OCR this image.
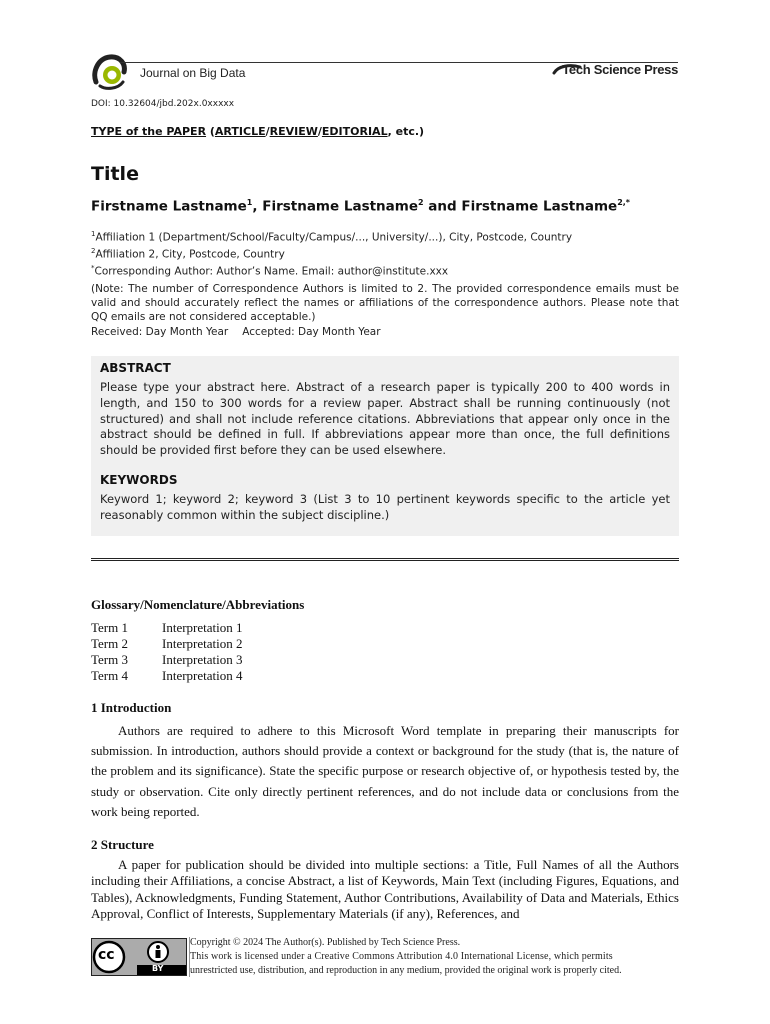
Journal on Big Data	Tech Science Press
DOI: 10.32604/jbd.202x.0xxxxx
TYPE of the PAPER (ARTICLE/REVIEW/EDITORIAL, etc.)
Title
Firstname Lastname$^1$, Firstname Lastname$^2$ and Firstname Lastname$^{2,*}$
$^1$Affiliation 1 (Department/School/Faculty/Campus/..., University/...), City, Postcode, Country
$^2$Affiliation 2, City, Postcode, Country
*Corresponding Author: Author’s Name. Email: author@institute.xxx
(Note: The number of Correspondence Authors is limited to 2. The provided correspondence emails must be valid and should accurately reflect the names or affiliations of the correspondence authors. Please note that QQ emails are not considered acceptable.)
Received: Day Month Year Accepted: Day Month Year
ABSTRACT
Please type your abstract here. Abstract of a research paper is typically 200 to 400 words in length, and 150 to 300 words for a review paper. Abstract shall be running continuously (not structured) and shall not include reference citations. Abbreviations that appear only once in the abstract should be defined in full. If abbreviations appear more than once, the full definitions should be provided first before they can be used elsewhere.
KEYWORDS
Keyword 1; keyword 2; keyword 3 (List 3 to 10 pertinent keywords specific to the article yet reasonably common within the subject discipline.)
Glossary/Nomenclature/Abbreviations
Term 1	Interpretation 1
Term 2	Interpretation 2
Term 3	Interpretation 3
Term 4	Interpretation 4
1 Introduction
Authors are required to adhere to this Microsoft Word template in preparing their manuscripts for submission. In introduction, authors should provide a context or background for the study (that is, the nature of the problem and its significance). State the specific purpose or research objective of, or hypothesis tested by, the study or observation. Cite only directly pertinent references, and do not include data or conclusions from the work being reported.
2 Structure
A paper for publication should be divided into multiple sections: a Title, Full Names of all the Authors including their Affiliations, a concise Abstract, a list of Keywords, Main Text (including Figures, Equations, and Tables), Acknowledgments, Funding Statement, Author Contributions, Availability of Data and Materials, Ethics Approval, Conflict of Interests, Supplementary Materials (if any), References, and
cc
BY
Copyright © 2024 The Author(s). Published by Tech Science Press.
This work is licensed under a Creative Commons Attribution 4.0 International License, which permits
unrestricted use, distribution, and reproduction in any medium, provided the original work is properly cited.
